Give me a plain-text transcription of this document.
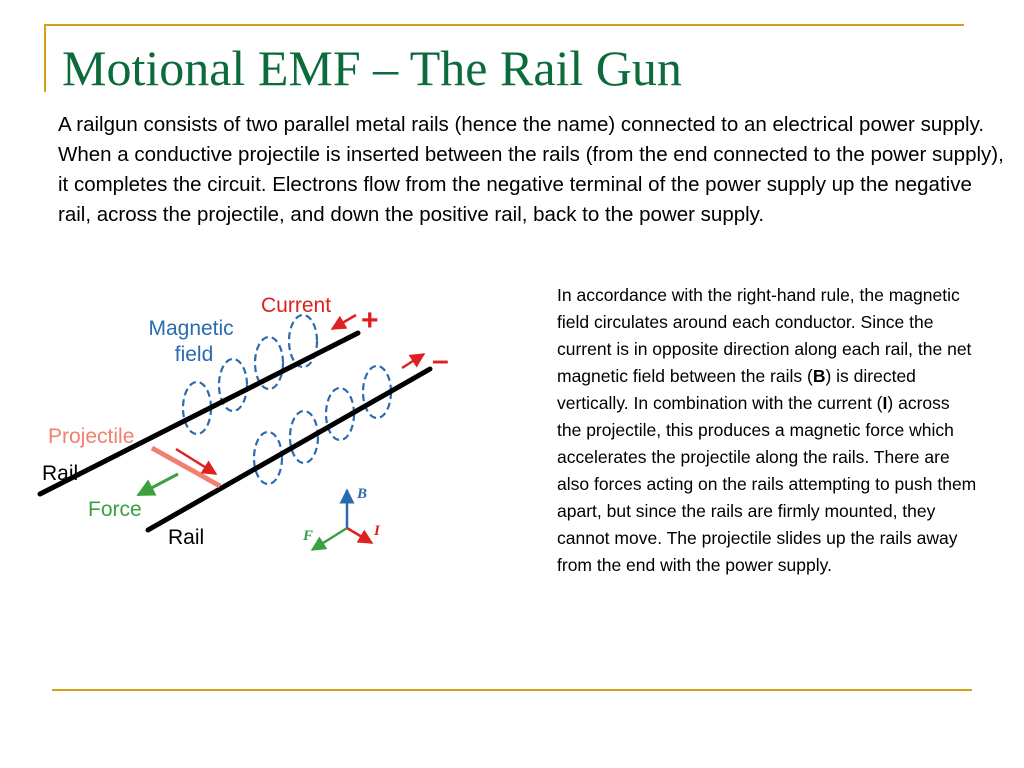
Motional EMF – The Rail Gun

A railgun consists of two parallel metal rails (hence the name) connected to an electrical power supply. When a conductive projectile is inserted between the rails (from the end connected to the power supply), it completes the circuit. Electrons flow from the negative terminal of the power supply up the negative rail, across the projectile, and down the positive rail, back to the power supply.

In accordance with the right-hand rule, the magnetic field circulates around each conductor. Since the current is in opposite direction along each rail, the net magnetic field between the rails (B) is directed vertically. In combination with the current (I) across the projectile, this produces a magnetic force which accelerates the projectile along the rails. There are also forces acting on the rails attempting to push them apart, but since the rails are firmly mounted, they cannot move. The projectile slides up the rails away from the end with the power supply.

Magnetic field
Current +
–
Projectile
Rail
Force
Rail
B
F	I
